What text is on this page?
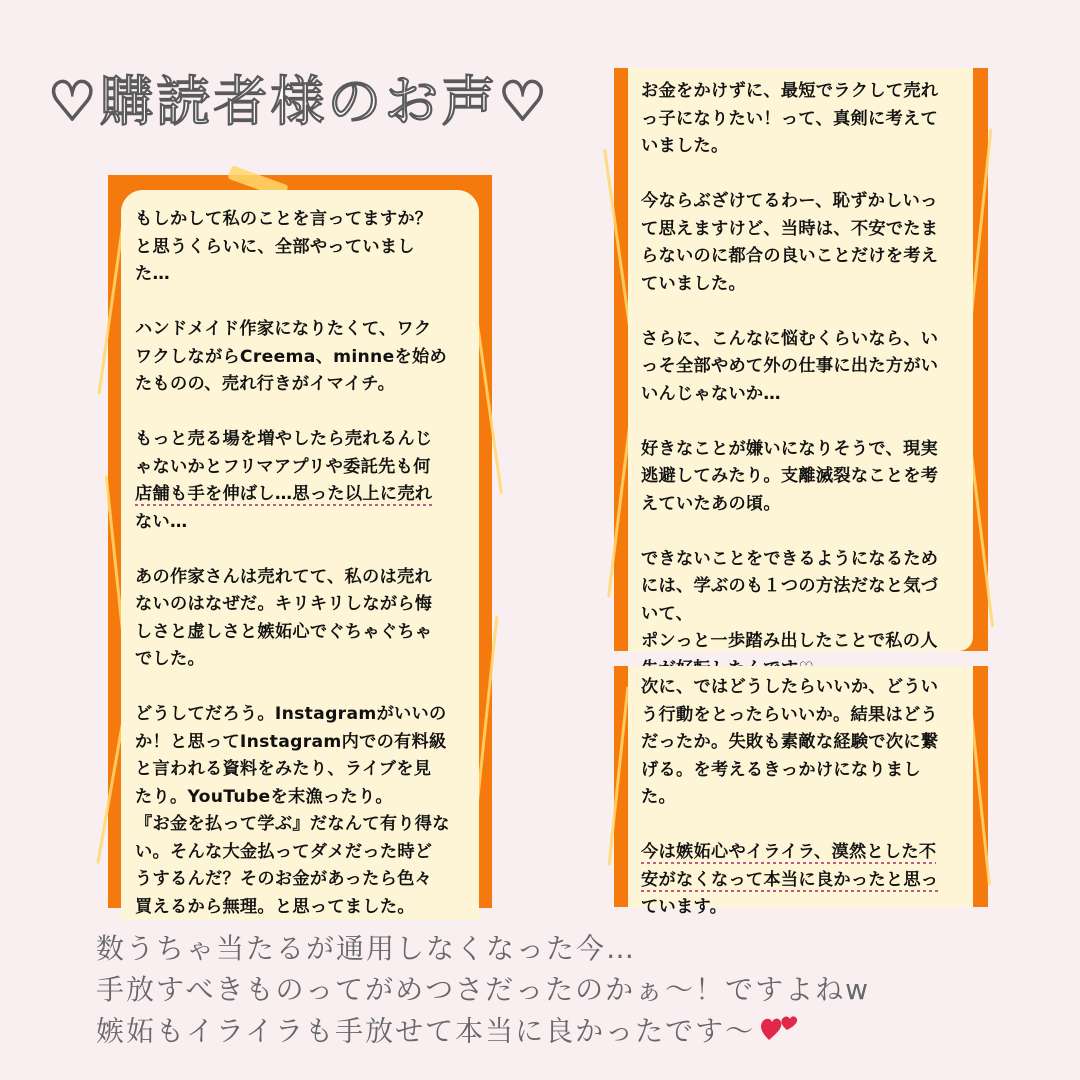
♡購読者様のお声♡

もしかして私のことを言ってますか？

と思うくらいに、全部やっていまし

た…

ハンドメイド作家になりたくて、ワク

ワクしながらCreema、minneを始め

たものの、売れ行きがイマイチ。

もっと売る場を増やしたら売れるんじ

ゃないかとフリマアプリや委託先も何

店舗も手を伸ばし…思った以上に売れ

ない…

あの作家さんは売れてて、私のは売れ

ないのはなぜだ。キリキリしながら悔

しさと虚しさと嫉妬心でぐちゃぐちゃ

でした。

どうしてだろう。Instagramがいいの

か！と思ってInstagram内での有料級

と言われる資料をみたり、ライブを見

たり。YouTubeを末漁ったり。

『お金を払って学ぶ』だなんて有り得な

い。そんな大金払ってダメだった時ど

うするんだ？そのお金があったら色々

買えるから無理。と思ってました。

お金をかけずに、最短でラクして売れ

っ子になりたい！って、真剣に考えて

いました。

今ならぶざけてるわー、恥ずかしいっ

て思えますけど、当時は、不安でたま

らないのに都合の良いことだけを考え

ていました。

さらに、こんなに悩むくらいなら、い

っそ全部やめて外の仕事に出た方がい

いんじゃないか…

好きなことが嫌いになりそうで、現実

逃避してみたり。支離滅裂なことを考

えていたあの頃。

できないことをできるようになるため

には、学ぶのも１つの方法だなと気づ

いて、

ポンっと一歩踏み出したことで私の人

次に、ではどうしたらいいか、どうい

う行動をとったらいいか。結果はどう

だったか。失敗も素敵な経験で次に繋

げる。を考えるきっかけになりまし

た。

今は嫉妬心やイライラ、漠然とした不

安がなくなって本当に良かったと思っ

ています。

数うちゃ当たるが通用しなくなった今…

手放すべきものってがめつさだったのかぁ〜！ですよねw

嫉妬もイライラも手放せて本当に良かったです〜
